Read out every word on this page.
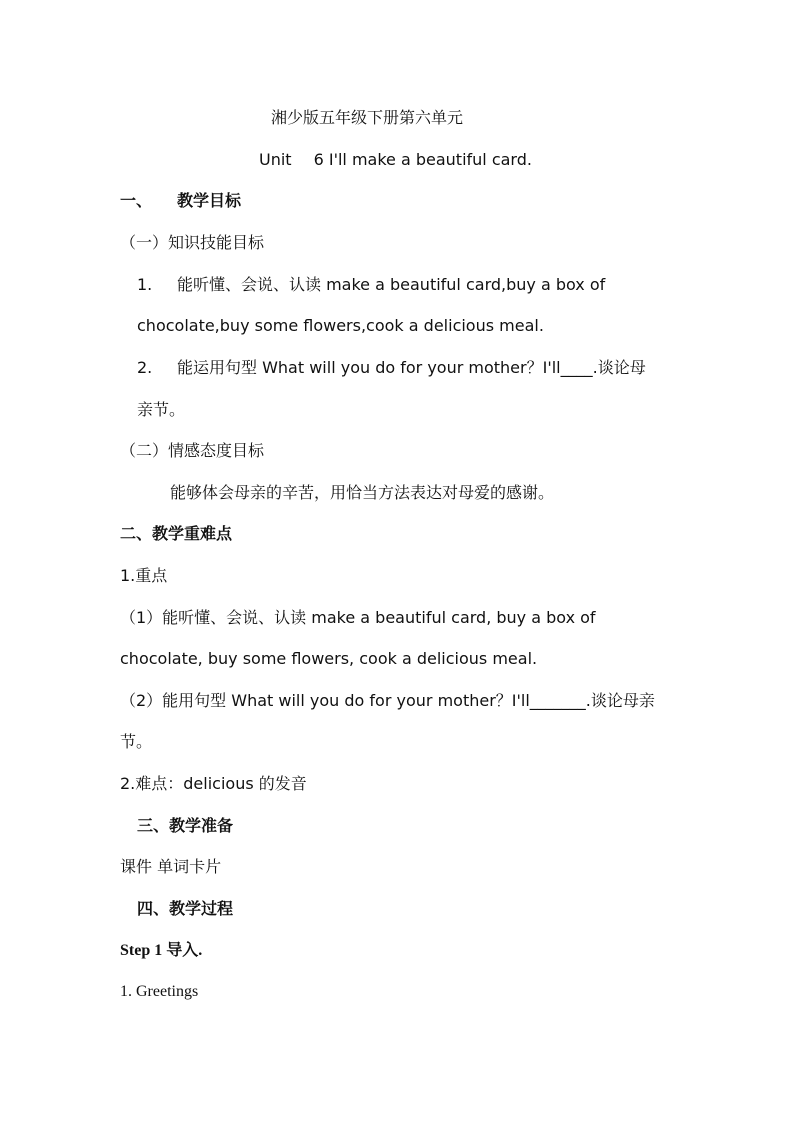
湘少版五年级下册第六单元
Unit 6 I'll make a beautiful card.
一、 教学目标
（一）知识技能目标
1. 能听懂、会说、认读 make a beautiful card,buy a box of
chocolate,buy some flowers,cook a delicious meal.
2. 能运用句型 What will you do for your mother？I'll____.谈论母
亲节。
（二）情感态度目标
能够体会母亲的辛苦，用恰当方法表达对母爱的感谢。
二、教学重难点
1.重点
（1）能听懂、会说、认读 make a beautiful card, buy a box of
chocolate, buy some flowers, cook a delicious meal.
（2）能用句型 What will you do for your mother？I'll_______.谈论母亲
节。
2.难点：delicious 的发音
三、教学准备
课件 单词卡片
四、教学过程
Step 1 导入.
1. Greetings
